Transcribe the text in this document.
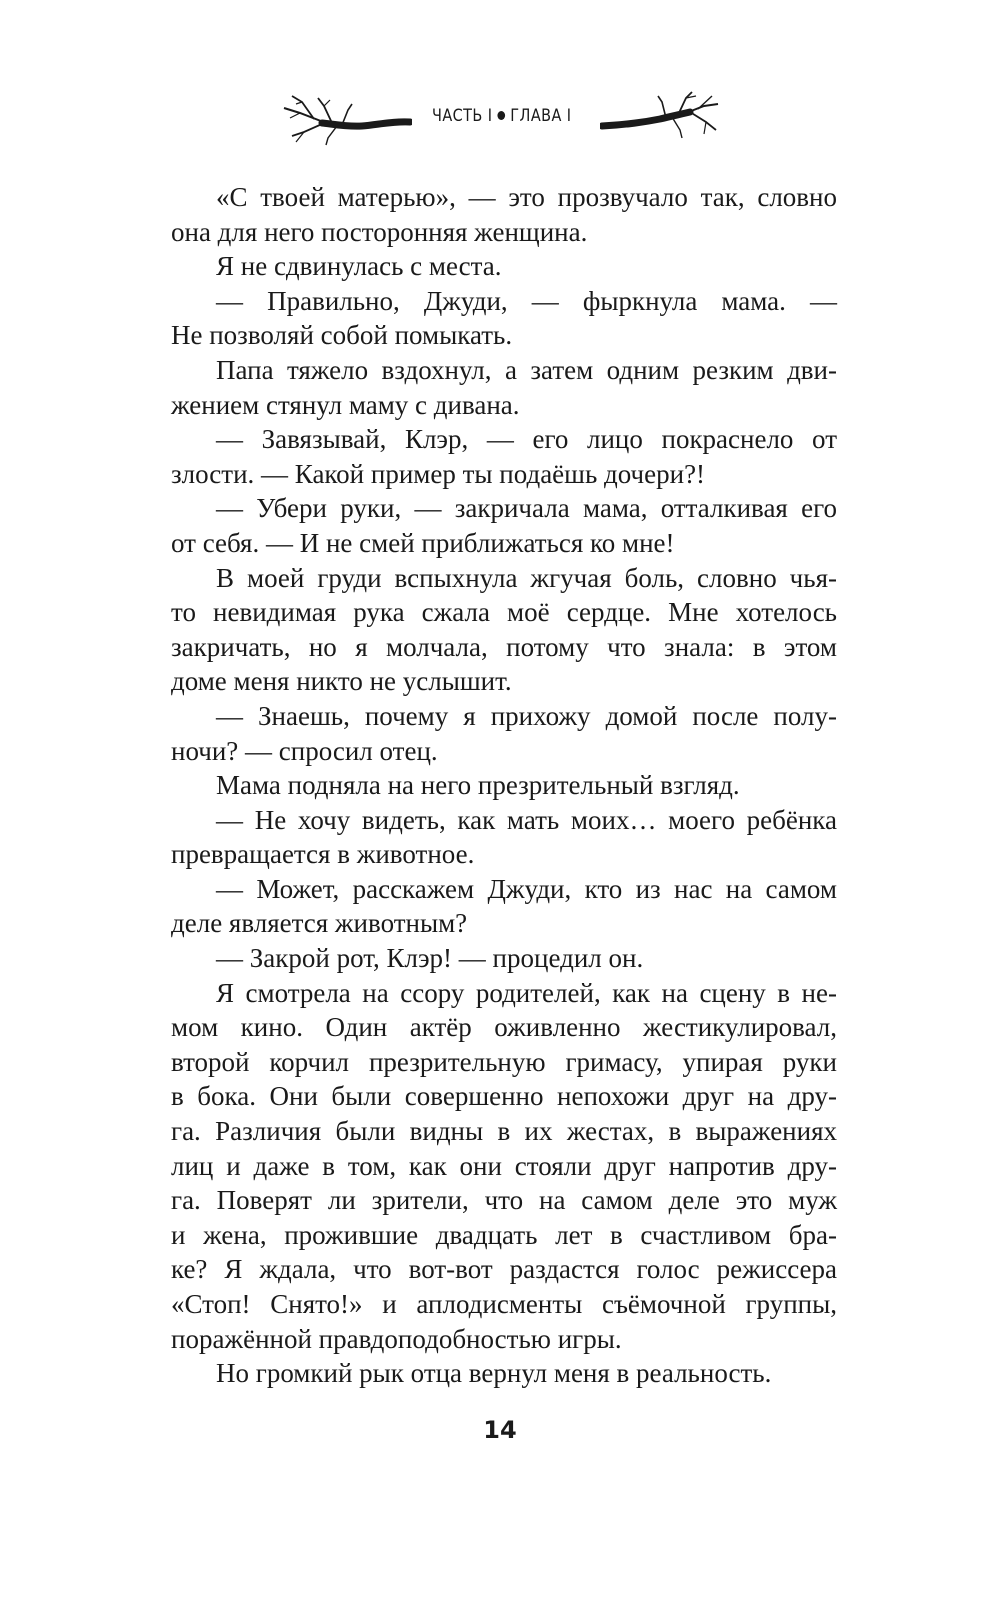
ЧАСТЬ I ГЛАВА I
«С твоей матерью», — это прозвучало так, словно
она для него посторонняя женщина.
Я не сдвинулась с места.
— Правильно, Джуди, — фыркнула мама. —
Не позволяй собой помыкать.
Папа тяжело вздохнул, а затем одним резким дви-
жением стянул маму с дивана.
— Завязывай, Клэр, — его лицо покраснело от
злости. — Какой пример ты подаёшь дочери?!
— Убери руки, — закричала мама, отталкивая его
от себя. — И не смей приближаться ко мне!
В моей груди вспыхнула жгучая боль, словно чья-
то невидимая рука сжала моё сердце. Мне хотелось
закричать, но я молчала, потому что знала: в этом
доме меня никто не услышит.
— Знаешь, почему я прихожу домой после полу-
ночи? — спросил отец.
Мама подняла на него презрительный взгляд.
— Не хочу видеть, как мать моих… моего ребёнка
превращается в животное.
— Может, расскажем Джуди, кто из нас на самом
деле является животным?
— Закрой рот, Клэр! — процедил он.
Я смотрела на ссору родителей, как на сцену в не-
мом кино. Один актёр оживленно жестикулировал,
второй корчил презрительную гримасу, упирая руки
в бока. Они были совершенно непохожи друг на дру-
га. Различия были видны в их жестах, в выражениях
лиц и даже в том, как они стояли друг напротив дру-
га. Поверят ли зрители, что на самом деле это муж
и жена, прожившие двадцать лет в счастливом бра-
ке? Я ждала, что вот-вот раздастся голос режиссера
«Стоп! Снято!» и аплодисменты съёмочной группы,
поражённой правдоподобностью игры.
Но громкий рык отца вернул меня в реальность.
14
